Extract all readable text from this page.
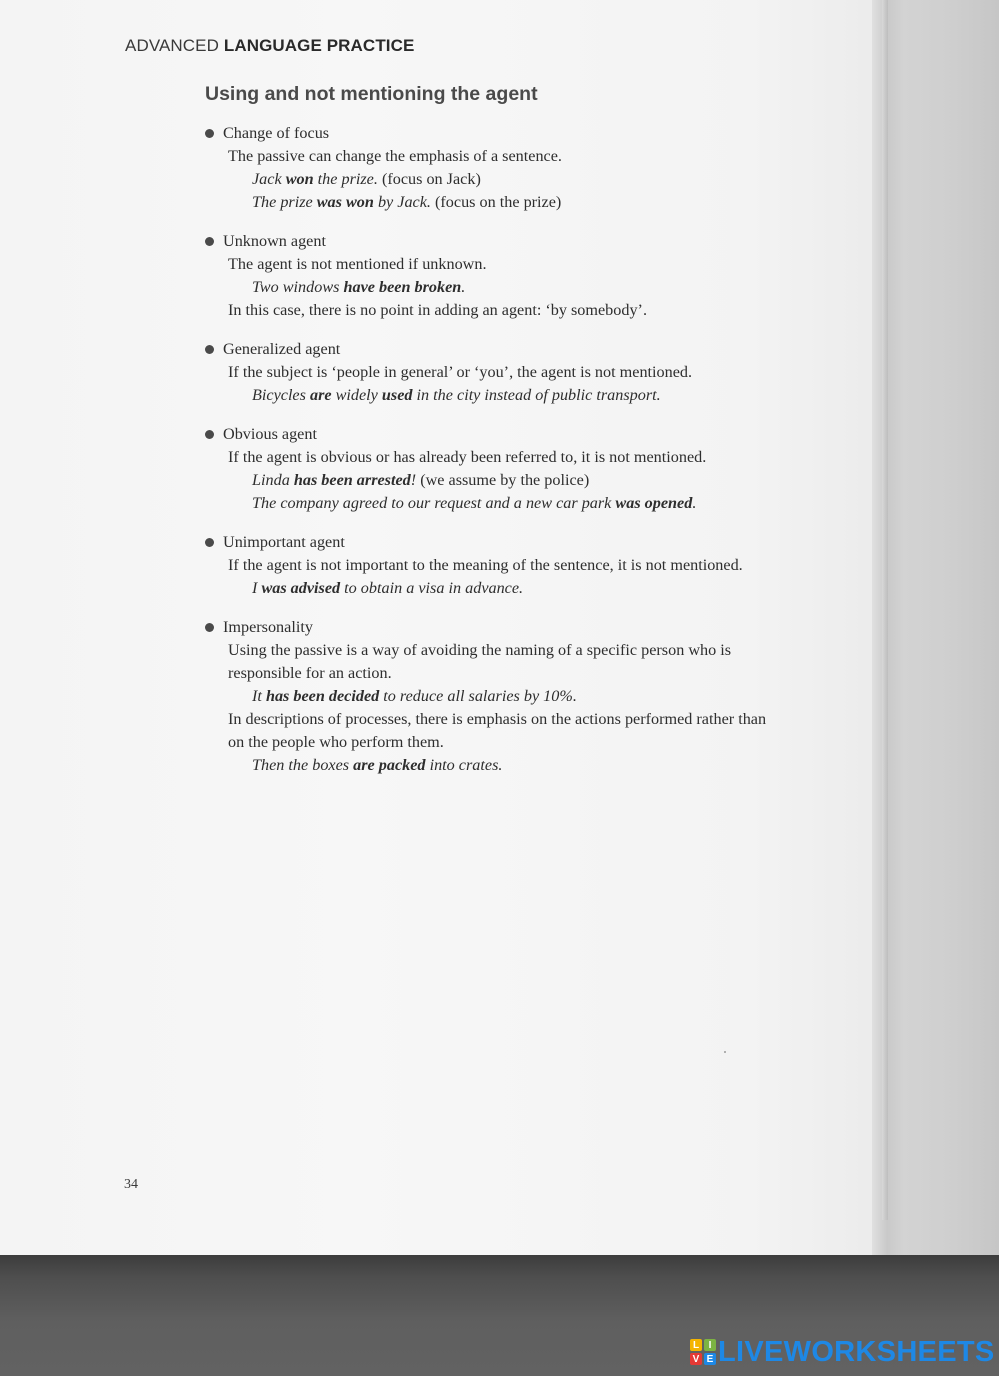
ADVANCED LANGUAGE PRACTICE
Using and not mentioning the agent
Change of focus
The passive can change the emphasis of a sentence.
Jack won the prize. (focus on Jack)
The prize was won by Jack. (focus on the prize)
Unknown agent
The agent is not mentioned if unknown.
Two windows have been broken.
In this case, there is no point in adding an agent: ‘by somebody’.
Generalized agent
If the subject is ‘people in general’ or ‘you’, the agent is not mentioned.
Bicycles are widely used in the city instead of public transport.
Obvious agent
If the agent is obvious or has already been referred to, it is not mentioned.
Linda has been arrested! (we assume by the police)
The company agreed to our request and a new car park was opened.
Unimportant agent
If the agent is not important to the meaning of the sentence, it is not mentioned.
I was advised to obtain a visa in advance.
Impersonality
Using the passive is a way of avoiding the naming of a specific person who is
responsible for an action.
It has been decided to reduce all salaries by 10%.
In descriptions of processes, there is emphasis on the actions performed rather than
on the people who perform them.
Then the boxes are packed into crates.
34
L I
V E LIVEWORKSHEETS
